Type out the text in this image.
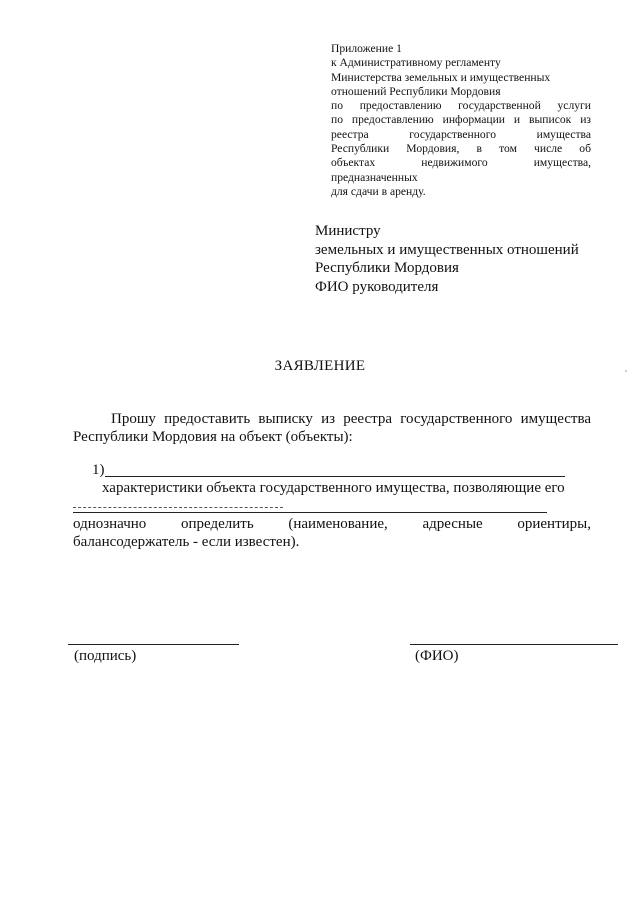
Приложение 1
к Административному регламенту
Министерства земельных и имущественных
отношений Республики Мордовия
по предоставлению государственной услуги
по предоставлению информации и выписок из
реестра государственного имущества
Республики Мордовия, в том числе об
объектах недвижимого имущества,
предназначенных
для сдачи в аренду.
Министру
земельных и имущественных отношений
Республики Мордовия
ФИО руководителя
ЗАЯВЛЕНИЕ
Прошу предоставить выписку из реестра государственного имущества
Республики Мордовия на объект (объекты):
1)
характеристики объекта государственного имущества, позволяющие его
однозначно определить (наименование, адресные ориентиры,
балансодержатель - если известен).
(подпись)	(ФИО)
